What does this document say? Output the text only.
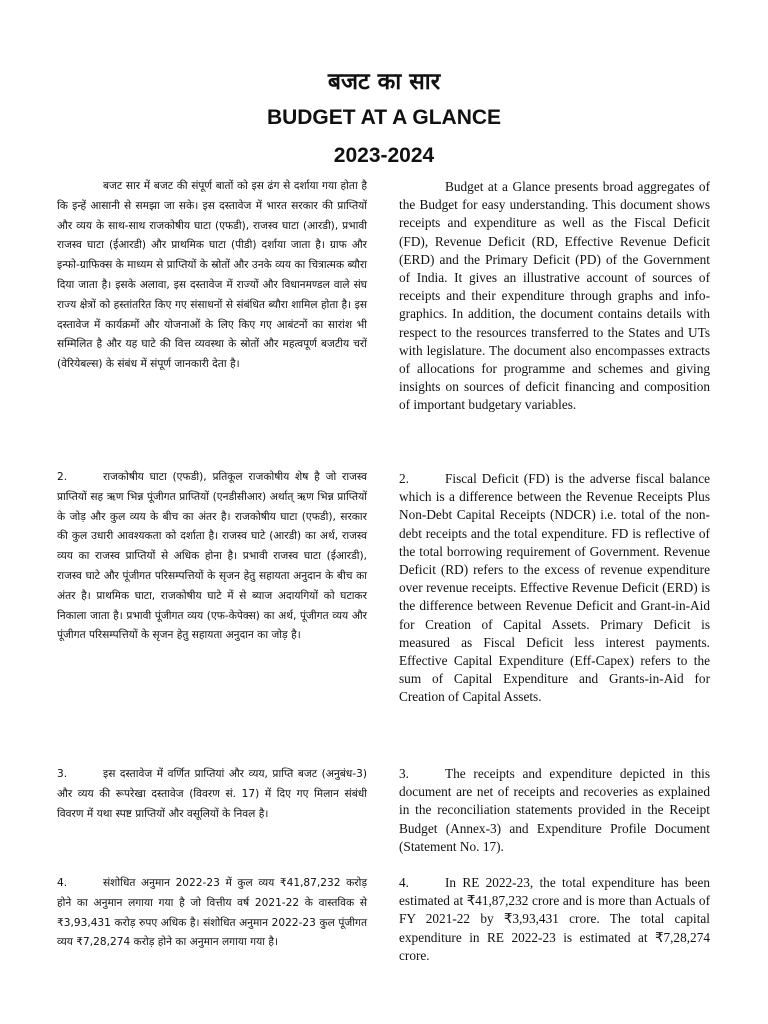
बजट का सार
BUDGET AT A GLANCE
2023-2024

बजट सार में बजट की संपूर्ण बातों को इस ढंग से दर्शाया गया होता है कि इन्हें आसानी से समझा जा सके। इस दस्तावेज में भारत सरकार की प्राप्तियों और व्यय के साथ-साथ राजकोषीय घाटा (एफडी), राजस्व घाटा (आरडी), प्रभावी राजस्व घाटा (ईआरडी) और प्राथमिक घाटा (पीडी) दर्शाया जाता है। ग्राफ और इन्फो-ग्राफिक्स के माध्यम से प्राप्तियों के स्रोतों और उनके व्यय का चित्रात्मक ब्यौरा दिया जाता है। इसके अलावा, इस दस्तावेज में राज्यों और विधानमण्डल वाले संघ राज्य क्षेत्रों को हस्तांतरित किए गए संसाधनों से संबंधित ब्यौरा शामिल होता है। इस दस्तावेज में कार्यक्रमों और योजनाओं के लिए किए गए आबंटनों का सारांश भी सम्मिलित है और यह घाटे की वित्त व्यवस्था के स्रोतों और महत्वपूर्ण बजटीय चरों (वेरियेबल्स) के संबंध में संपूर्ण जानकारी देता है।

Budget at a Glance presents broad aggregates of the Budget for easy understanding. This document shows receipts and expenditure as well as the Fiscal Deficit (FD), Revenue Deficit (RD, Effective Revenue Deficit (ERD) and the Primary Deficit (PD) of the Government of India. It gives an illustrative account of sources of receipts and their expenditure through graphs and info-graphics. In addition, the document contains details with respect to the resources transferred to the States and UTs with legislature. The document also encompasses extracts of allocations for programme and schemes and giving insights on sources of deficit financing and composition of important budgetary variables.

2.	राजकोषीय घाटा (एफडी), प्रतिकूल राजकोषीय शेष है जो राजस्व प्राप्तियों सह ऋण भिन्न पूंजीगत प्राप्तियों (एनडीसीआर) अर्थात् ऋण भिन्न प्राप्तियों के जोड़ और कुल व्यय के बीच का अंतर है। राजकोषीय घाटा (एफडी), सरकार की कुल उधारी आवश्यकता को दर्शाता है। राजस्व घाटे (आरडी) का अर्थ, राजस्व व्यय का राजस्व प्राप्तियों से अधिक होना है। प्रभावी राजस्व घाटा (ईआरडी), राजस्व घाटे और पूंजीगत परिसम्पत्तियों के सृजन हेतु सहायता अनुदान के बीच का अंतर है। प्राथमिक घाटा, राजकोषीय घाटे में से ब्याज अदायगियों को घटाकर निकाला जाता है। प्रभावी पूंजीगत व्यय (एफ-केपेक्स) का अर्थ, पूंजीगत व्यय और पूंजीगत परिसम्पत्तियों के सृजन हेतु सहायता अनुदान का जोड़ है।

2.	Fiscal Deficit (FD) is the adverse fiscal balance which is a difference between the Revenue Receipts Plus Non-Debt Capital Receipts (NDCR) i.e. total of the non-debt receipts and the total expenditure. FD is reflective of the total borrowing requirement of Government. Revenue Deficit (RD) refers to the excess of revenue expenditure over revenue receipts. Effective Revenue Deficit (ERD) is the difference between Revenue Deficit and Grant-in-Aid for Creation of Capital Assets. Primary Deficit is measured as Fiscal Deficit less interest payments. Effective Capital Expenditure (Eff-Capex) refers to the sum of Capital Expenditure and Grants-in-Aid for Creation of Capital Assets.

3.	इस दस्तावेज में वर्णित प्राप्तियां और व्यय, प्राप्ति बजट (अनुबंध-3) और व्यय की रूपरेखा दस्तावेज (विवरण सं. 17) में दिए गए मिलान संबंधी विवरण में यथा स्पष्ट प्राप्तियों और वसूलियों के निवल है।

3.	The receipts and expenditure depicted in this document are net of receipts and recoveries as explained in the reconciliation statements provided in the Receipt Budget (Annex-3) and Expenditure Profile Document (Statement No. 17).

4.	संशोधित अनुमान 2022-23 में कुल व्यय ₹41,87,232 करोड़ होने का अनुमान लगाया गया है जो वित्तीय वर्ष 2021-22 के वास्तविक से ₹3,93,431 करोड़ रुपए अधिक है। संशोधित अनुमान 2022-23 कुल पूंजीगत व्यय ₹7,28,274 करोड़ होने का अनुमान लगाया गया है।

4.	In RE 2022-23, the total expenditure has been estimated at ₹41,87,232 crore and is more than Actuals of FY 2021-22 by ₹3,93,431 crore. The total capital expenditure in RE 2022-23 is estimated at ₹7,28,274 crore.
